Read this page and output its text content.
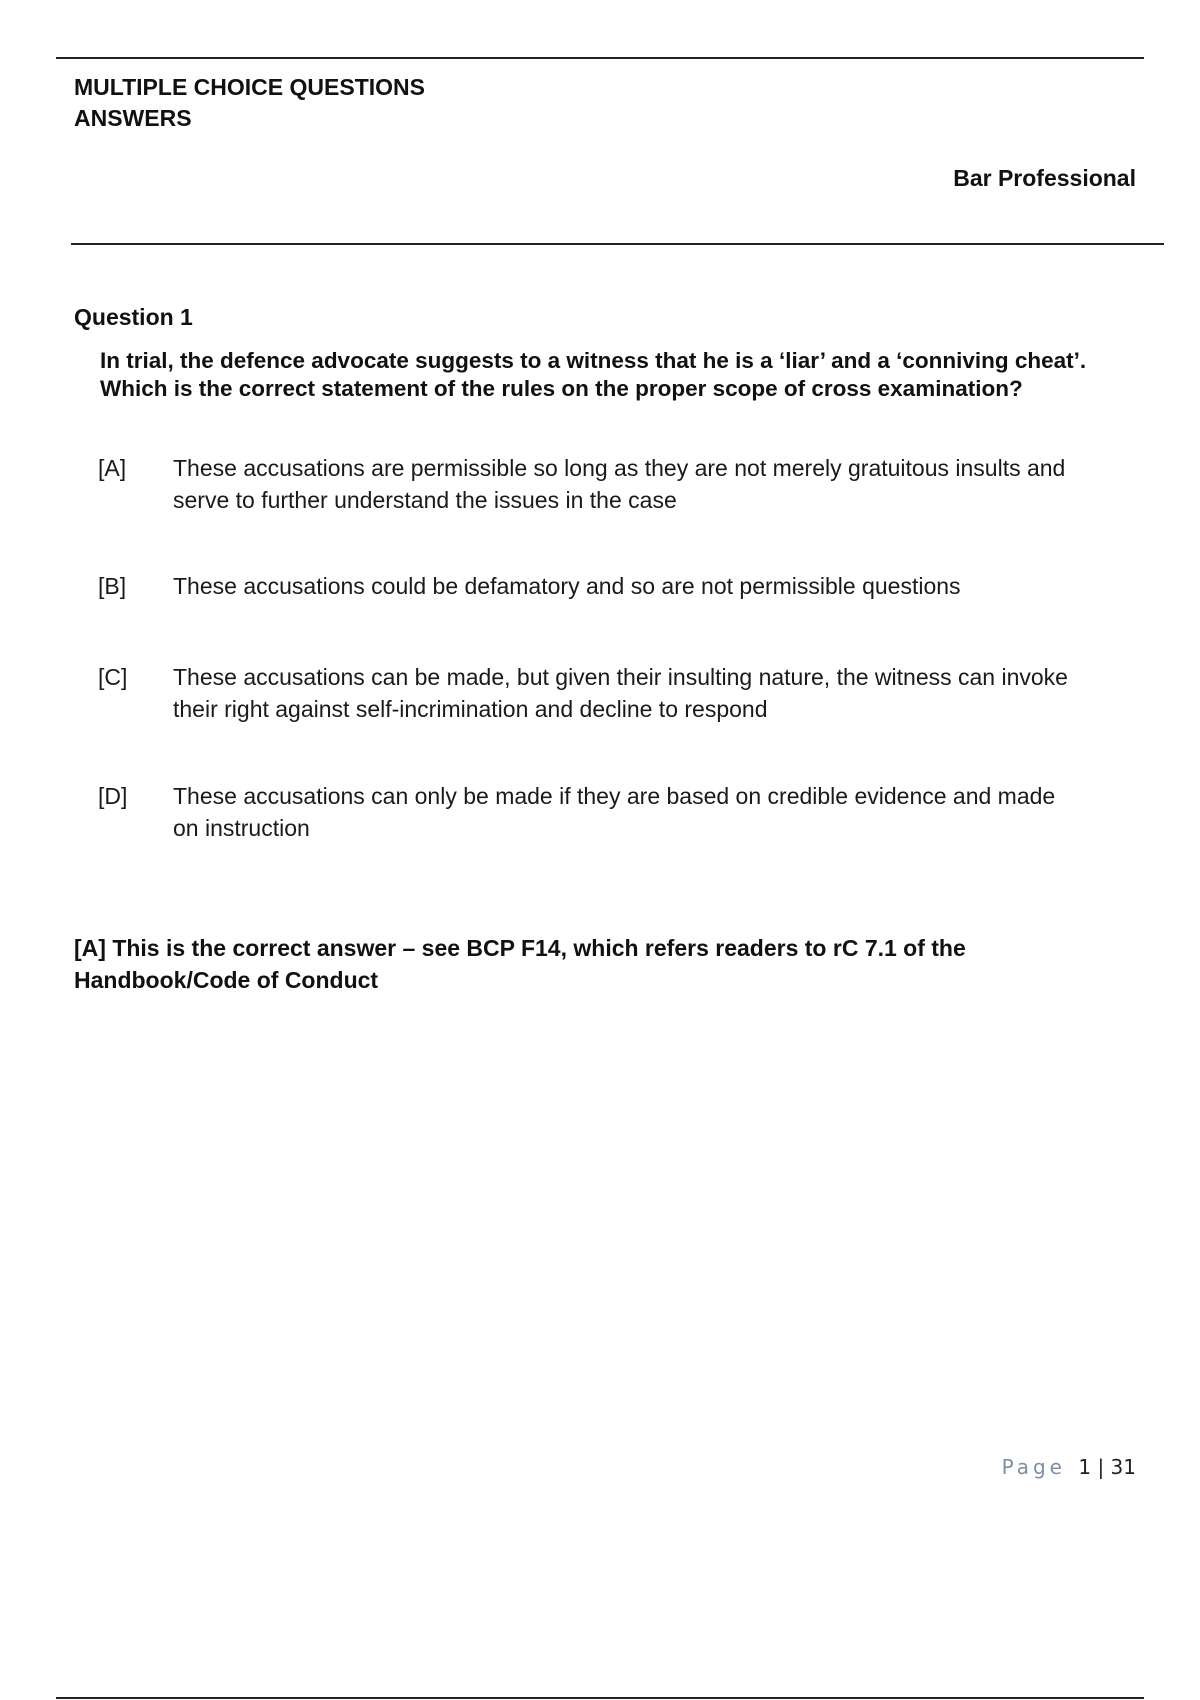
MULTIPLE CHOICE QUESTIONS
ANSWERS
Bar Professional
Question 1
In trial, the defence advocate suggests to a witness that he is a ‘liar’ and a ‘conniving cheat’.
Which is the correct statement of the rules on the proper scope of cross examination?
[A] These accusations are permissible so long as they are not merely gratuitous insults and
serve to further understand the issues in the case
[B] These accusations could be defamatory and so are not permissible questions
[C] These accusations can be made, but given their insulting nature, the witness can invoke
their right against self-incrimination and decline to respond
[D] These accusations can only be made if they are based on credible evidence and made
on instruction
[A] This is the correct answer – see BCP F14, which refers readers to rC 7.1 of the
Handbook/Code of Conduct
Page 1 | 31
